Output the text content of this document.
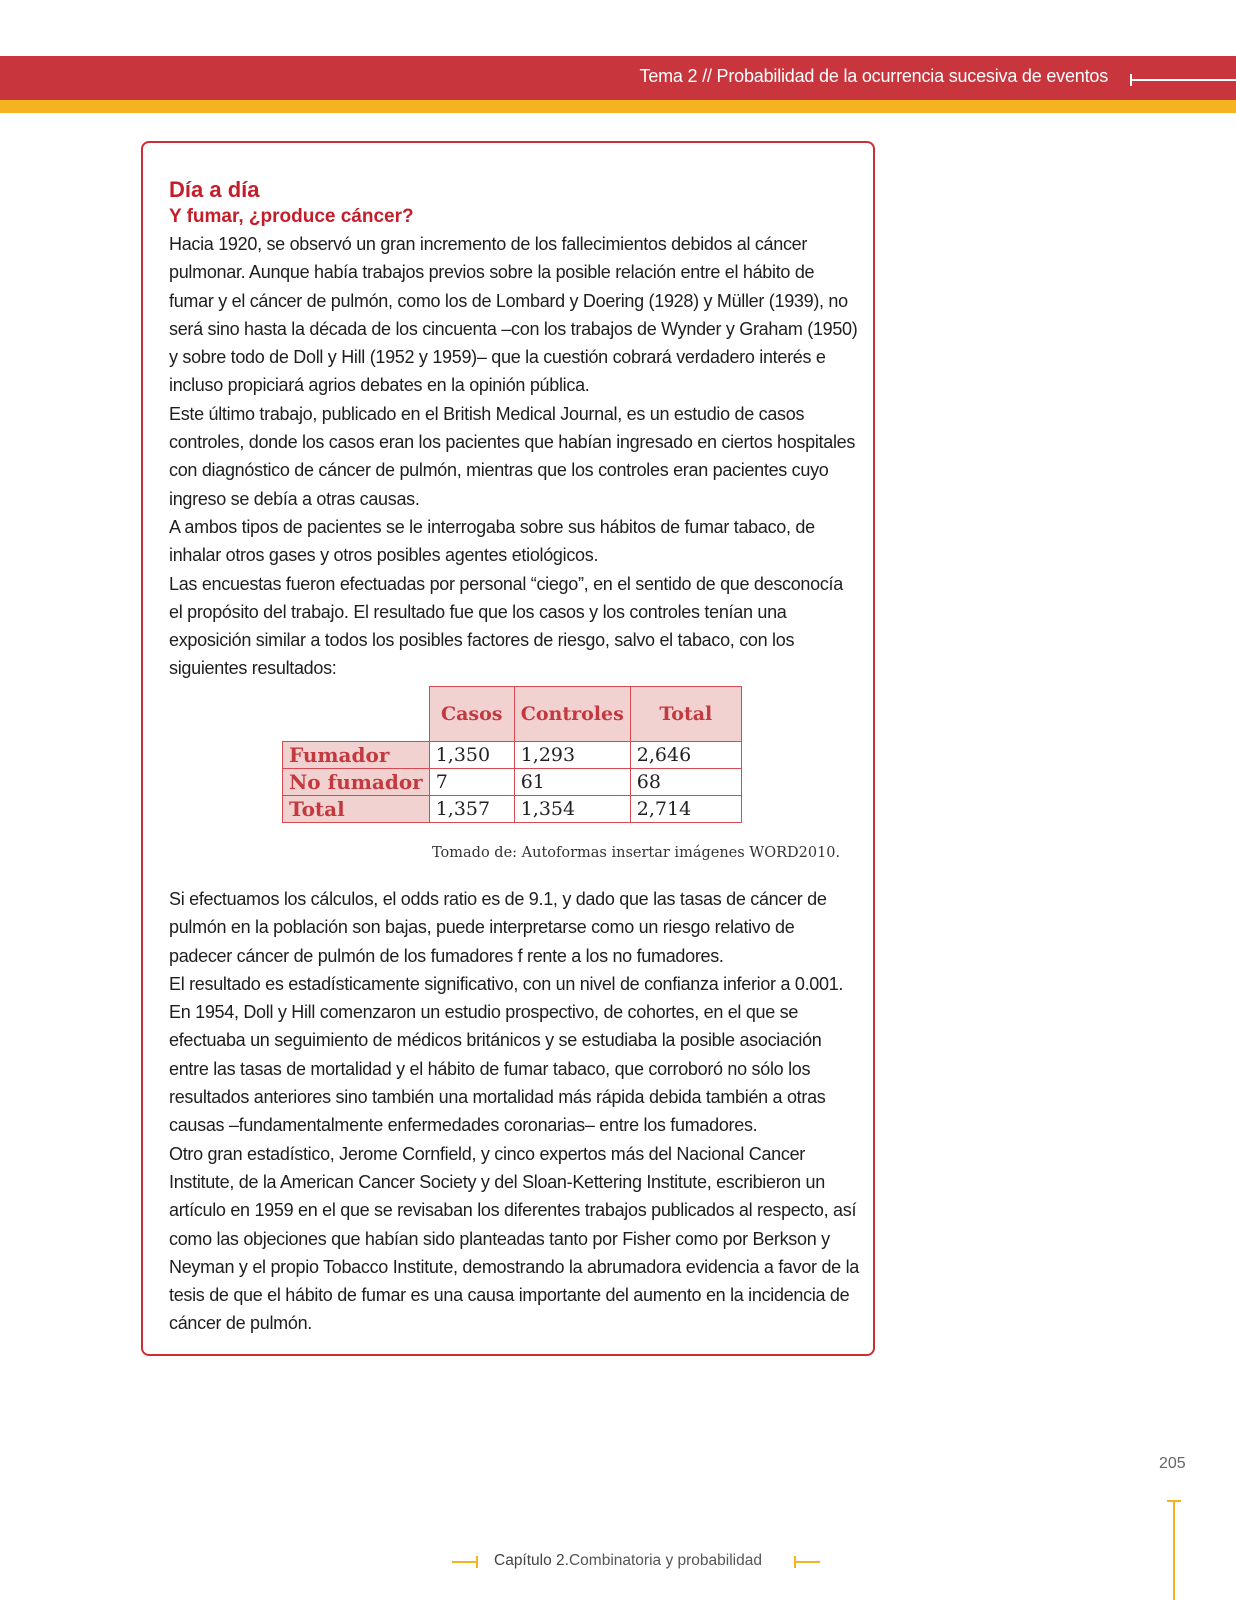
Tema 2 // Probabilidad de la ocurrencia sucesiva de eventos
Día a día
Y fumar, ¿produce cáncer?

Hacia 1920, se observó un gran incremento de los fallecimientos debidos al cáncer pulmonar. Aunque había trabajos previos sobre la posible relación entre el hábito de fumar y el cáncer de pulmón, como los de Lombard y Doering (1928) y Müller (1939), no será sino hasta la década de los cincuenta –con los trabajos de Wynder y Graham (1950) y sobre todo de Doll y Hill (1952 y 1959)– que la cuestión cobrará verdadero interés e incluso propiciará agrios debates en la opinión pública.

Este último trabajo, publicado en el British Medical Journal, es un estudio de casos controles, donde los casos eran los pacientes que habían ingresado en ciertos hospitales con diagnóstico de cáncer de pulmón, mientras que los controles eran pacientes cuyo ingreso se debía a otras causas.

A ambos tipos de pacientes se le interrogaba sobre sus hábitos de fumar tabaco, de inhalar otros gases y otros posibles agentes etiológicos.

Las encuestas fueron efectuadas por personal “ciego”, en el sentido de que desconocía el propósito del trabajo. El resultado fue que los casos y los controles tenían una exposición similar a todos los posibles factores de riesgo, salvo el tabaco, con los siguientes resultados:

	Casos	Controles	Total
Fumador	1,350	1,293	2,646
No fumador	7	61	68
Total	1,357	1,354	2,714
Tomado de: Autoformas insertar imágenes WORD2010.

Si efectuamos los cálculos, el odds ratio es de 9.1, y dado que las tasas de cáncer de pulmón en la población son bajas, puede interpretarse como un riesgo relativo de padecer cáncer de pulmón de los fumadores f rente a los no fumadores.

El resultado es estadísticamente significativo, con un nivel de confianza inferior a 0.001.

En 1954, Doll y Hill comenzaron un estudio prospectivo, de cohortes, en el que se efectuaba un seguimiento de médicos británicos y se estudiaba la posible asociación entre las tasas de mortalidad y el hábito de fumar tabaco, que corroboró no sólo los resultados anteriores sino también una mortalidad más rápida debida también a otras causas –fundamentalmente enfermedades coronarias– entre los fumadores.

Otro gran estadístico, Jerome Cornfield, y cinco expertos más del Nacional Cancer Institute, de la American Cancer Society y del Sloan-Kettering Institute, escribieron un artículo en 1959 en el que se revisaban los diferentes trabajos publicados al respecto, así como las objeciones que habían sido planteadas tanto por Fisher como por Berkson y Neyman y el propio Tobacco Institute, demostrando la abrumadora evidencia a favor de la tesis de que el hábito de fumar es una causa importante del aumento en la incidencia de cáncer de pulmón.

205
Capítulo 2.Combinatoria y probabilidad
